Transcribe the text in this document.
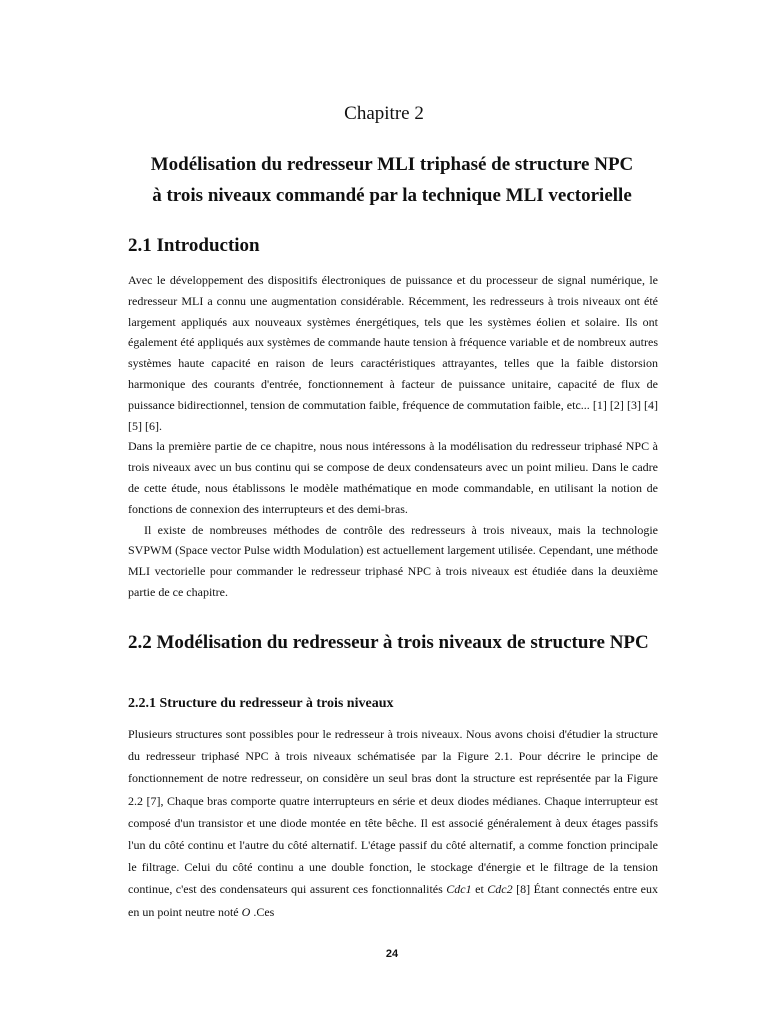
Chapitre 2
Modélisation du redresseur MLI triphasé de structure NPC
à trois niveaux commandé par la technique MLI vectorielle
2.1 Introduction

Avec le développement des dispositifs électroniques de puissance et du processeur de signal numérique, le redresseur MLI a connu une augmentation considérable. Récemment, les redresseurs à trois niveaux ont été largement appliqués aux nouveaux systèmes énergétiques, tels que les systèmes éolien et solaire. Ils ont également été appliqués aux systèmes de commande haute tension à fréquence variable et de nombreux autres systèmes haute capacité en raison de leurs caractéristiques attrayantes, telles que la faible distorsion harmonique des courants d'entrée, fonctionnement à facteur de puissance unitaire, capacité de flux de puissance bidirectionnel, tension de commutation faible, fréquence de commutation faible, etc... [1] [2] [3] [4] [5] [6].

Dans la première partie de ce chapitre, nous nous intéressons à la modélisation du redresseur triphasé NPC à trois niveaux avec un bus continu qui se compose de deux condensateurs avec un point milieu. Dans le cadre de cette étude, nous établissons le modèle mathématique en mode commandable, en utilisant la notion de fonctions de connexion des interrupteurs et des demi-bras.

Il existe de nombreuses méthodes de contrôle des redresseurs à trois niveaux, mais la technologie SVPWM (Space vector Pulse width Modulation) est actuellement largement utilisée. Cependant, une méthode MLI vectorielle pour commander le redresseur triphasé NPC à trois niveaux est étudiée dans la deuxième partie de ce chapitre.

2.2 Modélisation du redresseur à trois niveaux de structure NPC
2.2.1 Structure du redresseur à trois niveaux

Plusieurs structures sont possibles pour le redresseur à trois niveaux. Nous avons choisi d'étudier la structure du redresseur triphasé NPC à trois niveaux schématisée par la Figure 2.1. Pour décrire le principe de fonctionnement de notre redresseur, on considère un seul bras dont la structure est représentée par la Figure 2.2 [7], Chaque bras comporte quatre interrupteurs en série et deux diodes médianes. Chaque interrupteur est composé d'un transistor et une diode montée en tête bêche. Il est associé généralement à deux étages passifs l'un du côté continu et l'autre du côté alternatif. L'étage passif du côté alternatif, a comme fonction principale le filtrage. Celui du côté continu a une double fonction, le stockage d'énergie et le filtrage de la tension continue, c'est des condensateurs qui assurent ces fonctionnalités Cdc1 et Cdc2 [8] Étant connectés entre eux en un point neutre noté O .Ces

24
